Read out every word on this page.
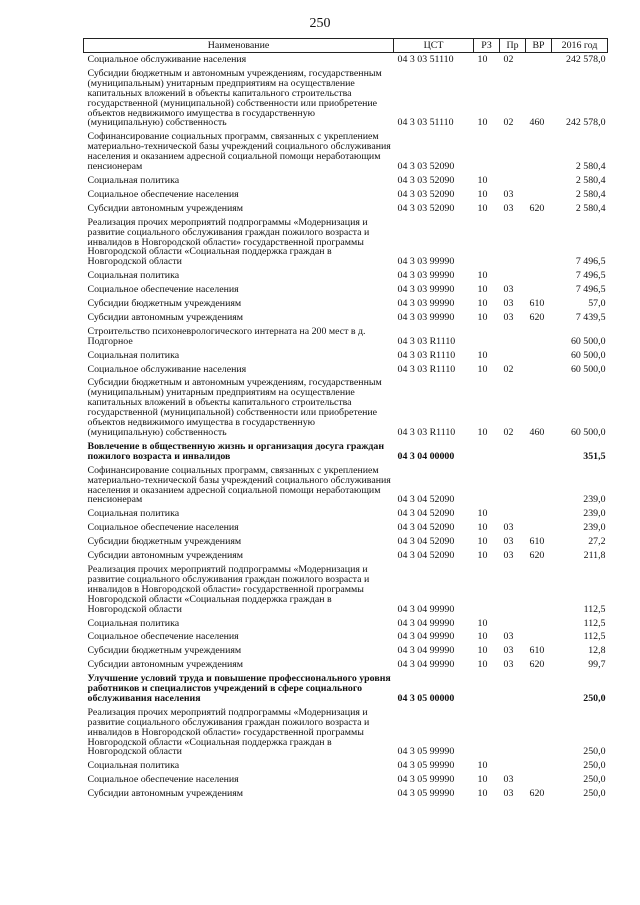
250
Наименование	ЦСТ	РЗ	Пр	ВР	2016 год
Социальное обслуживание населения	04 3 03 51110	10	02		242 578,0
Субсидии бюджетным и автономным учреждениям, государственным (муниципальным) унитарным предприятиям на осуществление капитальных вложений в объекты капитального строительства государственной (муниципальной) собственности или приобретение объектов недвижимого имущества в государственную (муниципальную) собственность	04 3 03 51110	10	02	460	242 578,0
Софинансирование социальных программ, связанных с укреплением материально-технической базы учреждений социального обслуживания населения и оказанием адресной социальной помощи неработающим пенсионерам	04 3 03 52090				2 580,4
Социальная политика	04 3 03 52090	10			2 580,4
Социальное обеспечение населения	04 3 03 52090	10	03		2 580,4
Субсидии автономным учреждениям	04 3 03 52090	10	03	620	2 580,4
Реализация прочих мероприятий подпрограммы «Модернизация и развитие социального обслуживания граждан пожилого возраста и инвалидов в Новгородской области» государственной программы Новгородской области «Социальная поддержка граждан в Новгородской области	04 3 03 99990				7 496,5
Социальная политика	04 3 03 99990	10			7 496,5
Социальное обеспечение населения	04 3 03 99990	10	03		7 496,5
Субсидии бюджетным учреждениям	04 3 03 99990	10	03	610	57,0
Субсидии автономным учреждениям	04 3 03 99990	10	03	620	7 439,5
Строительство психоневрологического интерната на 200 мест в д. Подгорное	04 3 03 R1110				60 500,0
Социальная политика	04 3 03 R1110	10			60 500,0
Социальное обслуживание населения	04 3 03 R1110	10	02		60 500,0
Субсидии бюджетным и автономным учреждениям, государственным (муниципальным) унитарным предприятиям на осуществление капитальных вложений в объекты капитального строительства государственной (муниципальной) собственности или приобретение объектов недвижимого имущества в государственную (муниципальную) собственность	04 3 03 R1110	10	02	460	60 500,0
Вовлечение в общественную жизнь и организация досуга граждан пожилого возраста и инвалидов	04 3 04 00000				351,5
Софинансирование социальных программ, связанных с укреплением материально-технической базы учреждений социального обслуживания населения и оказанием адресной социальной помощи неработающим пенсионерам	04 3 04 52090				239,0
Социальная политика	04 3 04 52090	10			239,0
Социальное обеспечение населения	04 3 04 52090	10	03		239,0
Субсидии бюджетным учреждениям	04 3 04 52090	10	03	610	27,2
Субсидии автономным учреждениям	04 3 04 52090	10	03	620	211,8
Реализация прочих мероприятий подпрограммы «Модернизация и развитие социального обслуживания граждан пожилого возраста и инвалидов в Новгородской области» государственной программы Новгородской области «Социальная поддержка граждан в Новгородской области	04 3 04 99990				112,5
Социальная политика	04 3 04 99990	10			112,5
Социальное обеспечение населения	04 3 04 99990	10	03		112,5
Субсидии бюджетным учреждениям	04 3 04 99990	10	03	610	12,8
Субсидии автономным учреждениям	04 3 04 99990	10	03	620	99,7
Улучшение условий труда и повышение профессионального уровня работников и специалистов учреждений в сфере социального обслуживания населения	04 3 05 00000				250,0
Реализация прочих мероприятий подпрограммы «Модернизация и развитие социального обслуживания граждан пожилого возраста и инвалидов в Новгородской области» государственной программы Новгородской области «Социальная поддержка граждан в Новгородской области	04 3 05 99990				250,0
Социальная политика	04 3 05 99990	10			250,0
Социальное обеспечение населения	04 3 05 99990	10	03		250,0
Субсидии автономным учреждениям	04 3 05 99990	10	03	620	250,0
